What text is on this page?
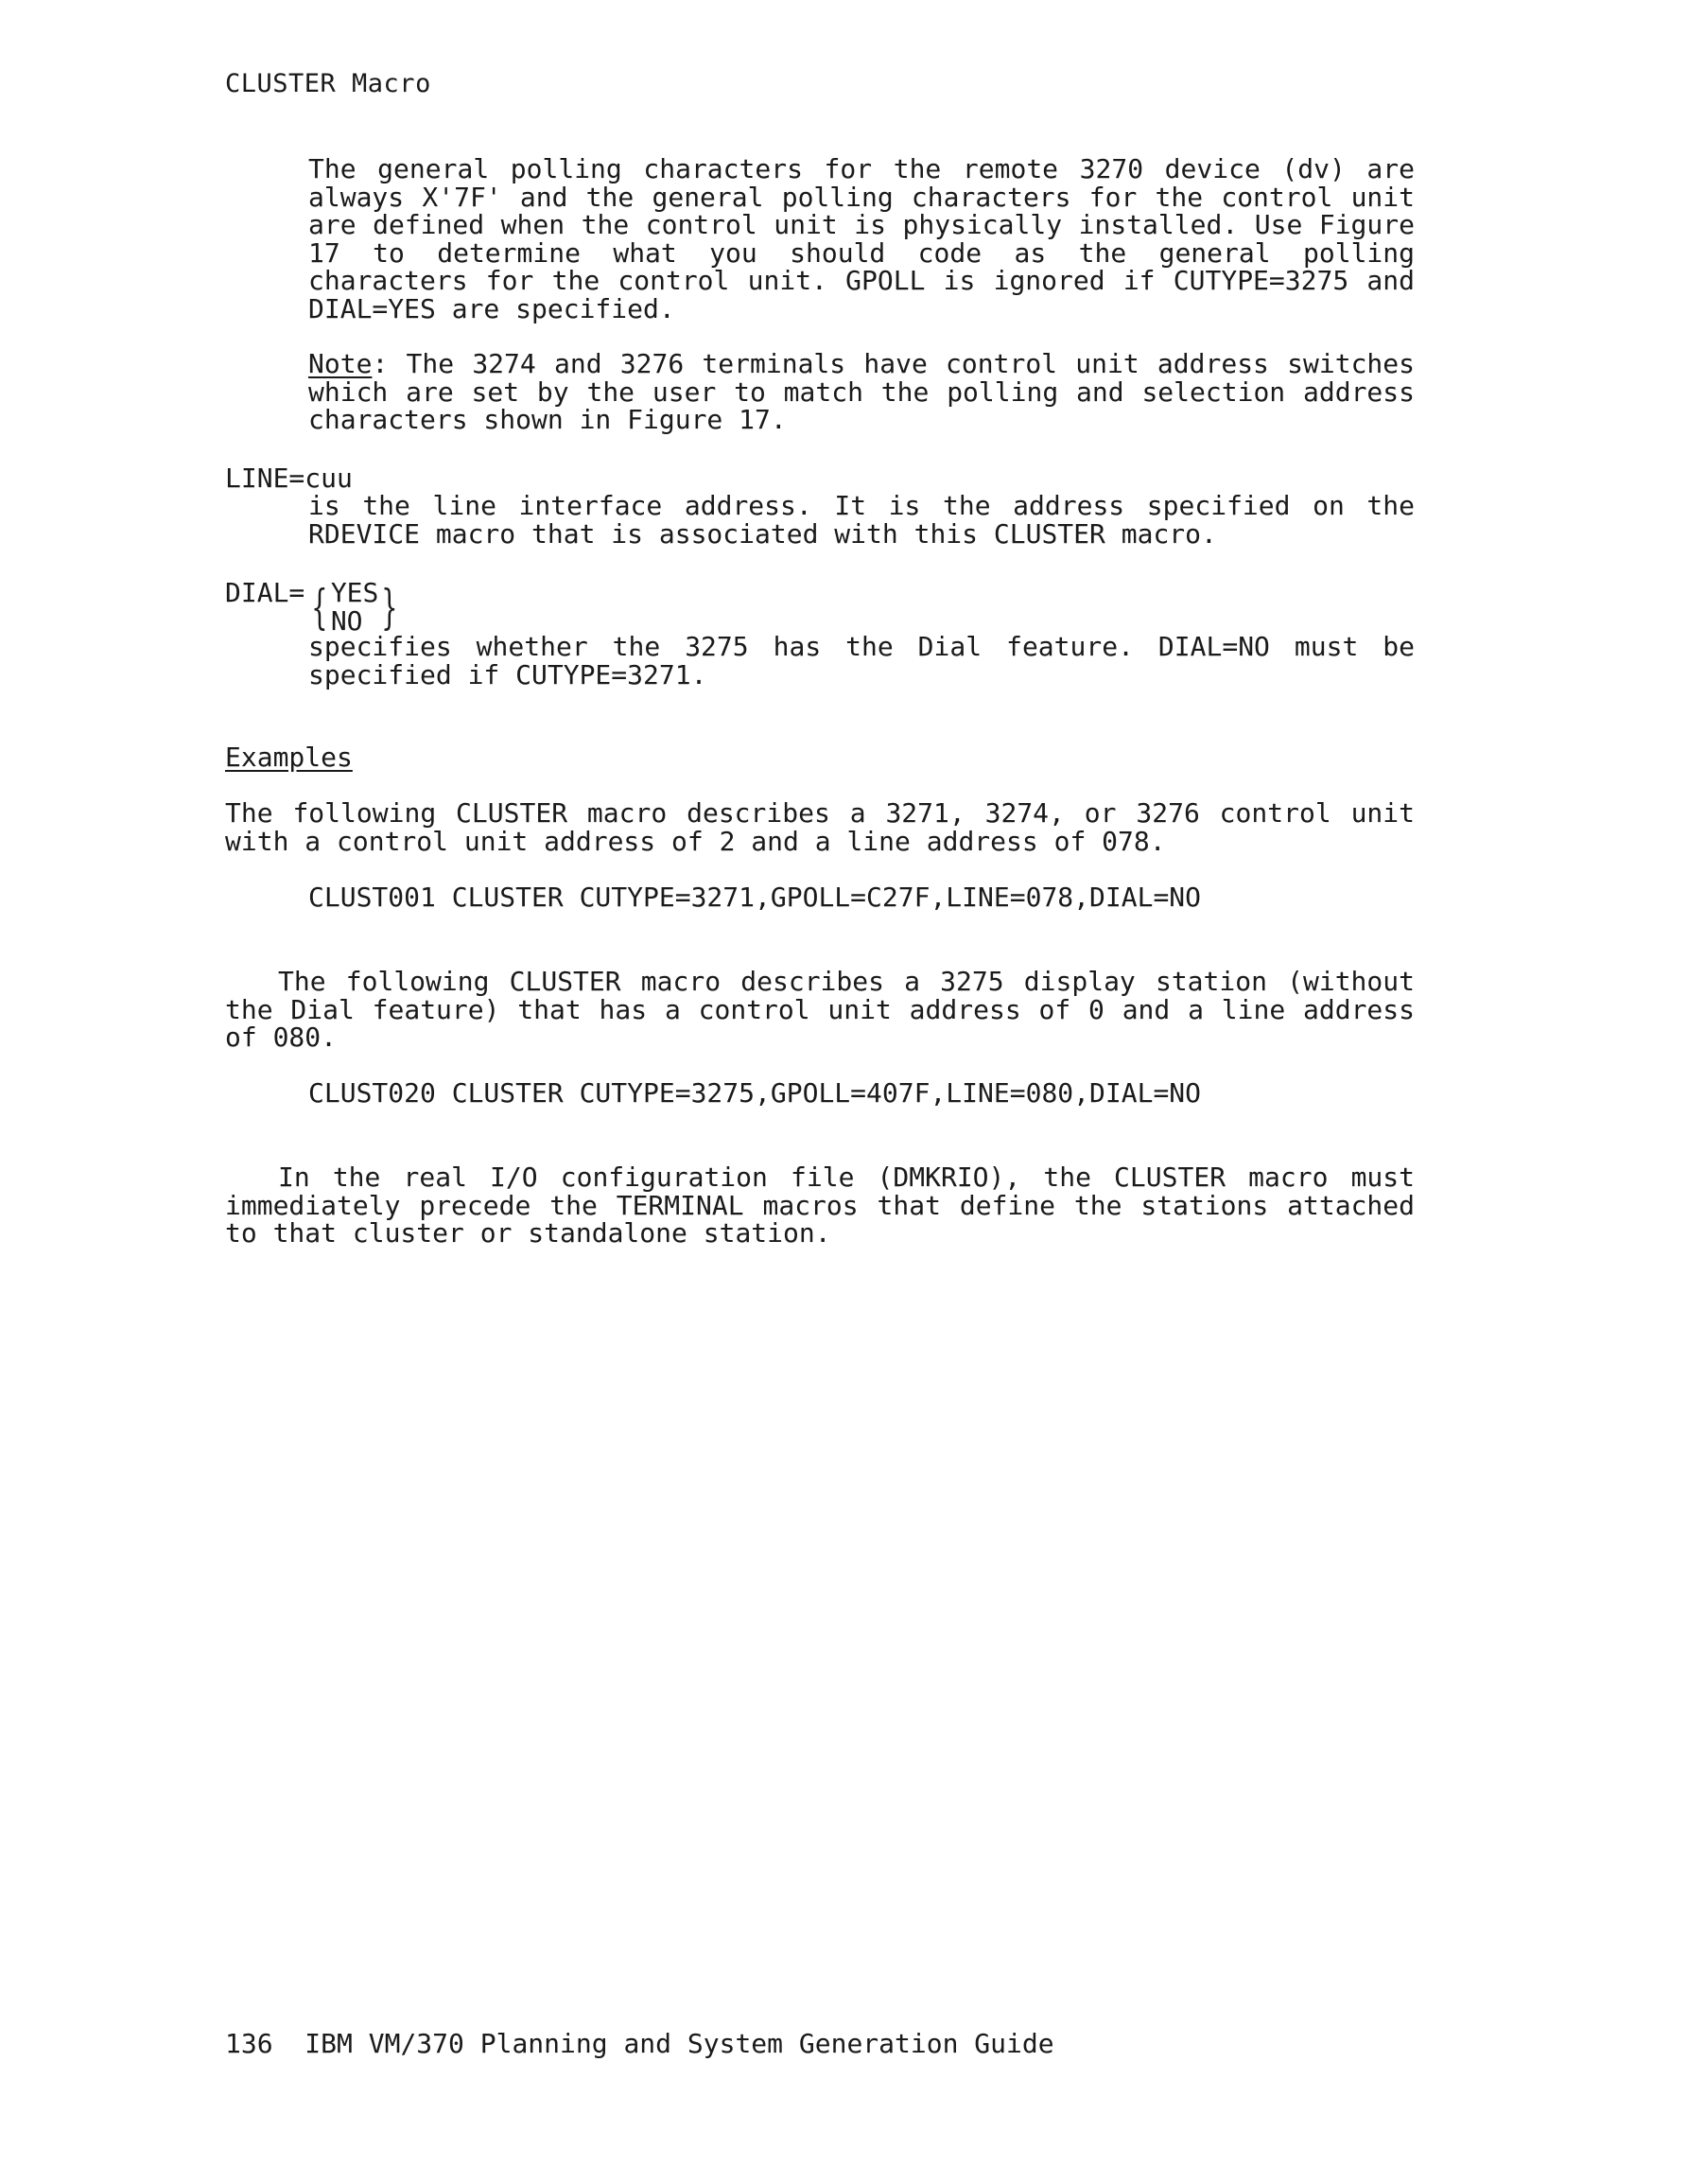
CLUSTER Macro
The general polling characters for the remote 3270 device (dv) are always X'7F' and the general polling characters for the control unit are defined when the control unit is physically installed. Use Figure 17 to determine what you should code as the general polling characters for the control unit. GPOLL is ignored if CUTYPE=3275 and DIAL=YES are specified.
Note: The 3274 and 3276 terminals have control unit address switches which are set by the user to match the polling and selection address characters shown in Figure 17.
LINE=cuu
is the line interface address. It is the address specified on the RDEVICE macro that is associated with this CLUSTER macro.
DIAL= { YES
NO }
specifies whether the 3275 has the Dial feature. DIAL=NO must be specified if CUTYPE=3271.
Examples
The following CLUSTER macro describes a 3271, 3274, or 3276 control unit with a control unit address of 2 and a line address of 078.
CLUST001 CLUSTER CUTYPE=3271,GPOLL=C27F,LINE=078,DIAL=NO
The following CLUSTER macro describes a 3275 display station (without the Dial feature) that has a control unit address of 0 and a line address of 080.
CLUST020 CLUSTER CUTYPE=3275,GPOLL=407F,LINE=080,DIAL=NO
In the real I/O configuration file (DMKRIO), the CLUSTER macro must immediately precede the TERMINAL macros that define the stations attached to that cluster or standalone station.
136 IBM VM/370 Planning and System Generation Guide
